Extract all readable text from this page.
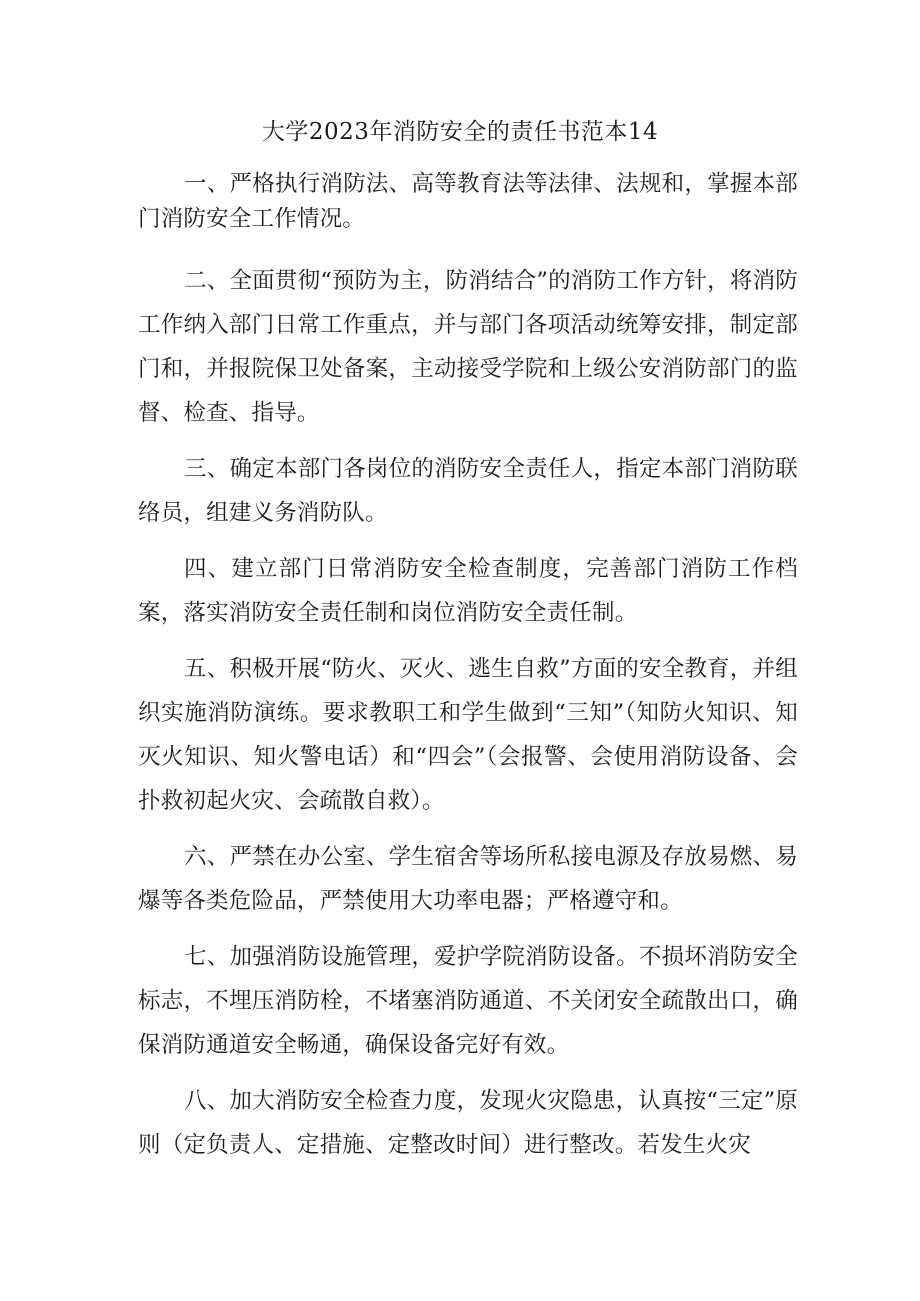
大学2023年消防安全的责任书范本14

一、严格执行消防法、高等教育法等法律、法规和，掌握本部门消防安全工作情况。

二、全面贯彻“预防为主，防消结合”的消防工作方针，将消防工作纳入部门日常工作重点，并与部门各项活动统筹安排，制定部门和，并报院保卫处备案，主动接受学院和上级公安消防部门的监督、检查、指导。

三、确定本部门各岗位的消防安全责任人，指定本部门消防联络员，组建义务消防队。

四、建立部门日常消防安全检查制度，完善部门消防工作档案，落实消防安全责任制和岗位消防安全责任制。

五、积极开展“防火、灭火、逃生自救”方面的安全教育，并组织实施消防演练。要求教职工和学生做到“三知”（知防火知识、知灭火知识、知火警电话）和“四会”（会报警、会使用消防设备、会扑救初起火灾、会疏散自救）。

六、严禁在办公室、学生宿舍等场所私接电源及存放易燃、易爆等各类危险品，严禁使用大功率电器；严格遵守和。

七、加强消防设施管理，爱护学院消防设备。不损坏消防安全标志，不埋压消防栓，不堵塞消防通道、不关闭安全疏散出口，确保消防通道安全畅通，确保设备完好有效。

八、加大消防安全检查力度，发现火灾隐患，认真按“三定”原则（定负责人、定措施、定整改时间）进行整改。若发生火灾
